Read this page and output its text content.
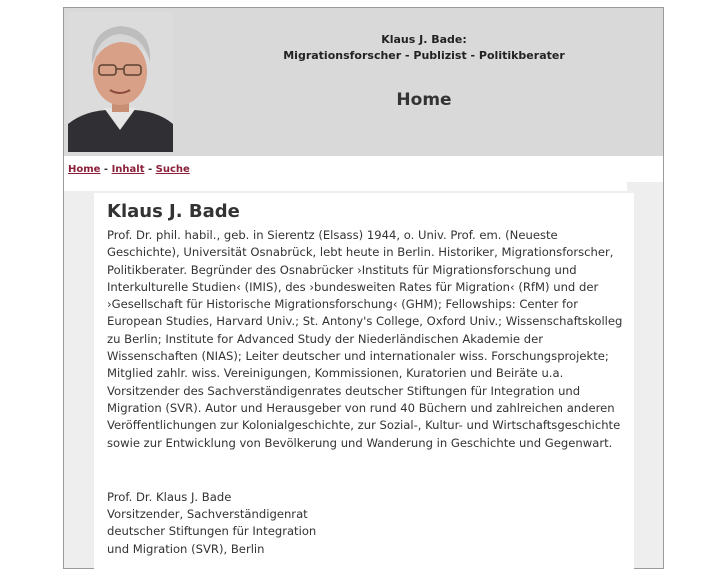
Klaus J. Bade:
Migrationsforscher - Publizist - Politikberater
Home
Home - Inhalt - Suche
Klaus J. Bade

Prof. Dr. phil. habil., geb. in Sierentz (Elsass) 1944, o. Univ. Prof. em. (Neueste Geschichte), Universität Osnabrück, lebt heute in Berlin. Historiker, Migrationsforscher, Politikberater. Begründer des Osnabrücker ›Instituts für Migrationsforschung und Interkulturelle Studien‹ (IMIS), des ›bundesweiten Rates für Migration‹ (RfM) und der ›Gesellschaft für Historische Migrationsforschung‹ (GHM); Fellowships: Center for European Studies, Harvard Univ.; St. Antony's College, Oxford Univ.; Wissenschaftskolleg zu Berlin; Institute for Advanced Study der Niederländischen Akademie der Wissenschaften (NIAS); Leiter deutscher und internationaler wiss. Forschungsprojekte; Mitglied zahlr. wiss. Vereinigungen, Kommissionen, Kuratorien und Beiräte u.a. Vorsitzender des Sachverständigenrates deutscher Stiftungen für Integration und Migration (SVR). Autor und Herausgeber von rund 40 Büchern und zahlreichen anderen Veröffentlichungen zur Kolonialgeschichte, zur Sozial-, Kultur- und Wirtschaftsgeschichte sowie zur Entwicklung von Bevölkerung und Wanderung in Geschichte und Gegenwart.

Prof. Dr. Klaus J. Bade
Vorsitzender, Sachverständigenrat
deutscher Stiftungen für Integration
und Migration (SVR), Berlin
